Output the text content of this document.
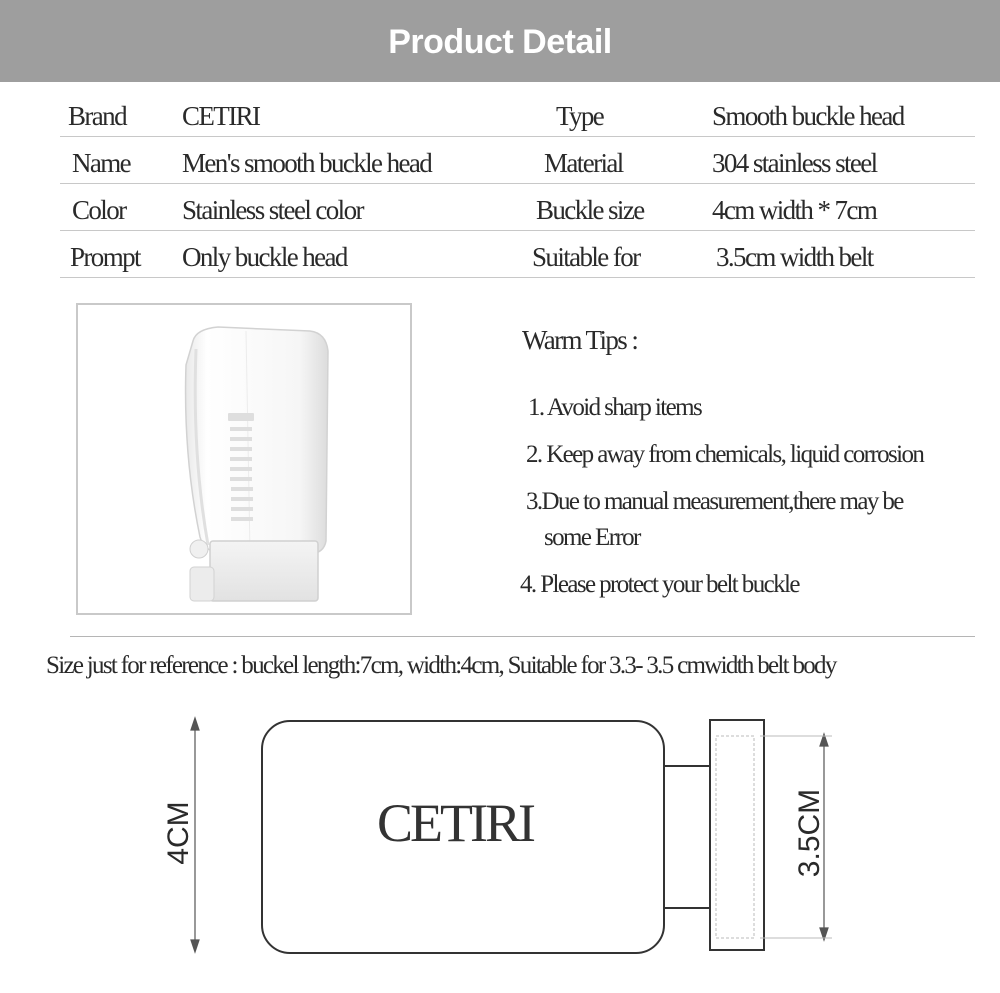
Product Detail
Brand CETIRI	Type	Smooth buckle head
Name Men's smooth buckle head	Material	304 stainless steel
Color Stainless steel color	Buckle size	4cm width * 7cm
Prompt Only buckle head	Suitable for	3.5cm width belt
Warm Tips :
1. Avoid sharp items
2. Keep away from chemicals, liquid corrosion
3.Due to manual measurement,there may be
some Error
4. Please protect your belt buckle
Size just for reference : buckel length:7cm, width:4cm, Suitable for 3.3- 3.5 cmwidth belt body
4CM	3.5CM
CETIRI
